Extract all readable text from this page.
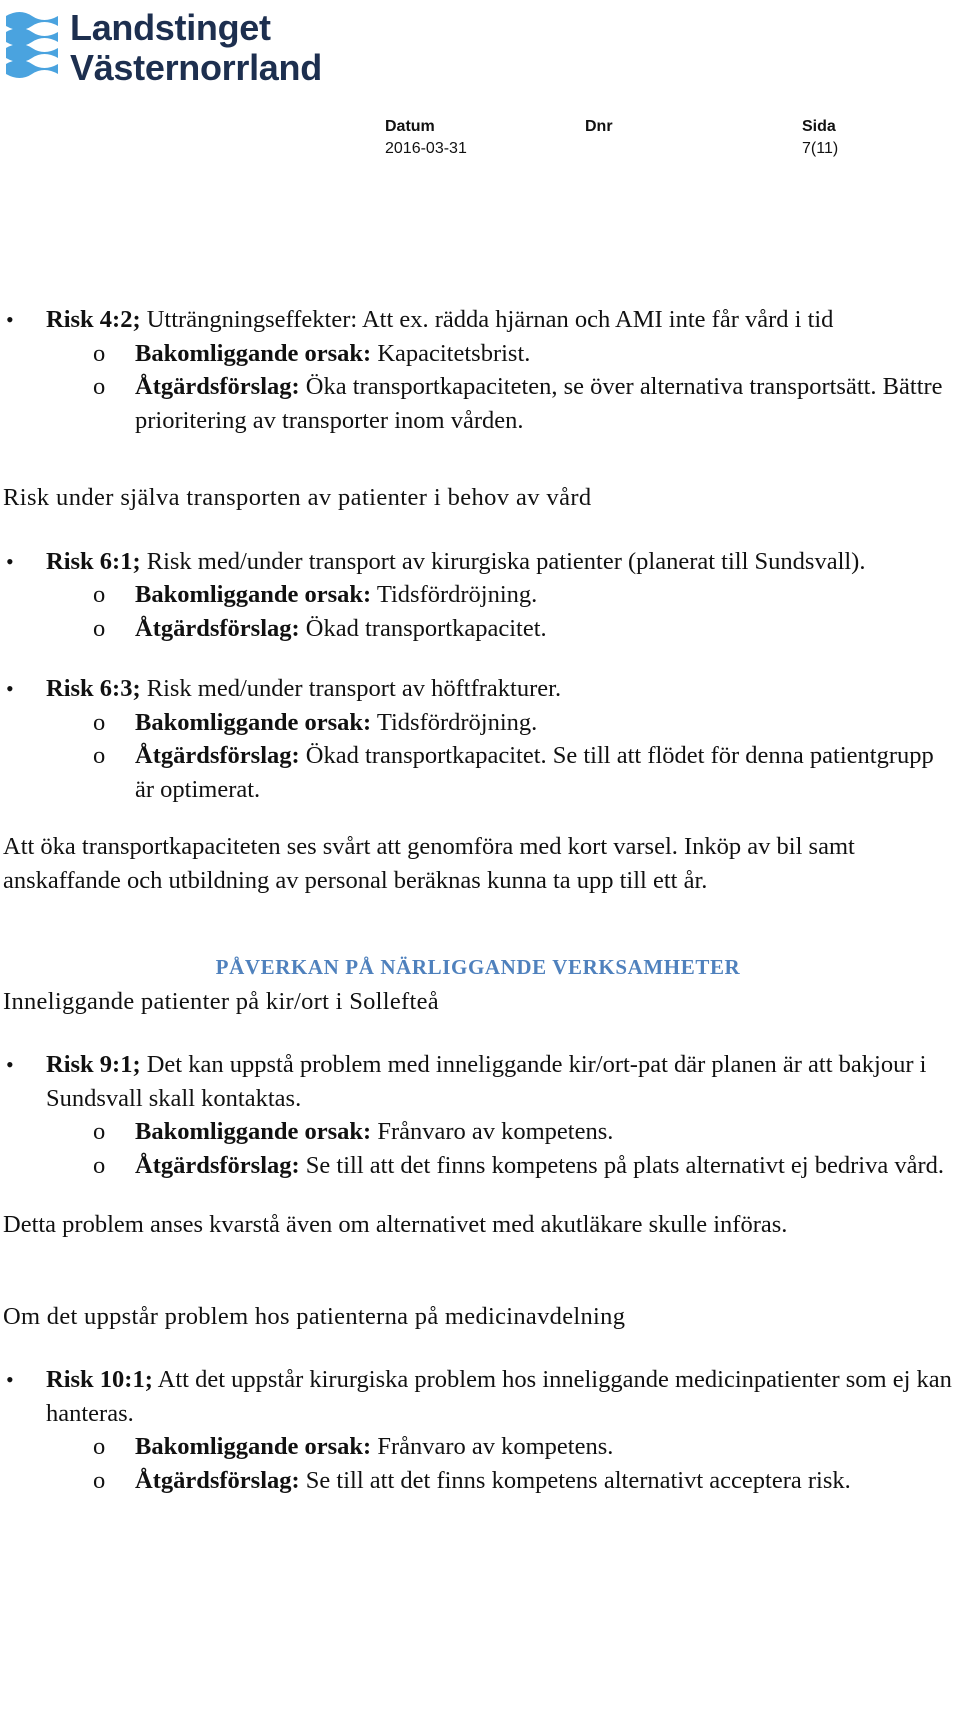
Landstinget
Västernorrland
Datum
2016-03-31
Dnr	Sida
7(11)
• Risk 4:2; Utträngningseffekter: Att ex. rädda hjärnan och AMI inte får vård i tid
o Bakomliggande orsak: Kapacitetsbrist.
o Åtgärdsförslag: Öka transportkapaciteten, se över alternativa transportsätt. Bättre prioritering av transporter inom vården.
Risk under själva transporten av patienter i behov av vård
• Risk 6:1; Risk med/under transport av kirurgiska patienter (planerat till Sundsvall).
o Bakomliggande orsak: Tidsfördröjning.
o Åtgärdsförslag: Ökad transportkapacitet.
• Risk 6:3; Risk med/under transport av höftfrakturer.
o Bakomliggande orsak: Tidsfördröjning.
o Åtgärdsförslag: Ökad transportkapacitet. Se till att flödet för denna patientgrupp är optimerat.
Att öka transportkapaciteten ses svårt att genomföra med kort varsel. Inköp av bil samt anskaffande och utbildning av personal beräknas kunna ta upp till ett år.
PÅVERKAN PÅ NÄRLIGGANDE VERKSAMHETER
Inneliggande patienter på kir/ort i Sollefteå
• Risk 9:1; Det kan uppstå problem med inneliggande kir/ort-pat där planen är att bakjour i Sundsvall skall kontaktas.
o Bakomliggande orsak: Frånvaro av kompetens.
o Åtgärdsförslag: Se till att det finns kompetens på plats alternativt ej bedriva vård.
Detta problem anses kvarstå även om alternativet med akutläkare skulle införas.
Om det uppstår problem hos patienterna på medicinavdelning
• Risk 10:1; Att det uppstår kirurgiska problem hos inneliggande medicinpatienter som ej kan hanteras.
o Bakomliggande orsak: Frånvaro av kompetens.
o Åtgärdsförslag: Se till att det finns kompetens alternativt acceptera risk.
